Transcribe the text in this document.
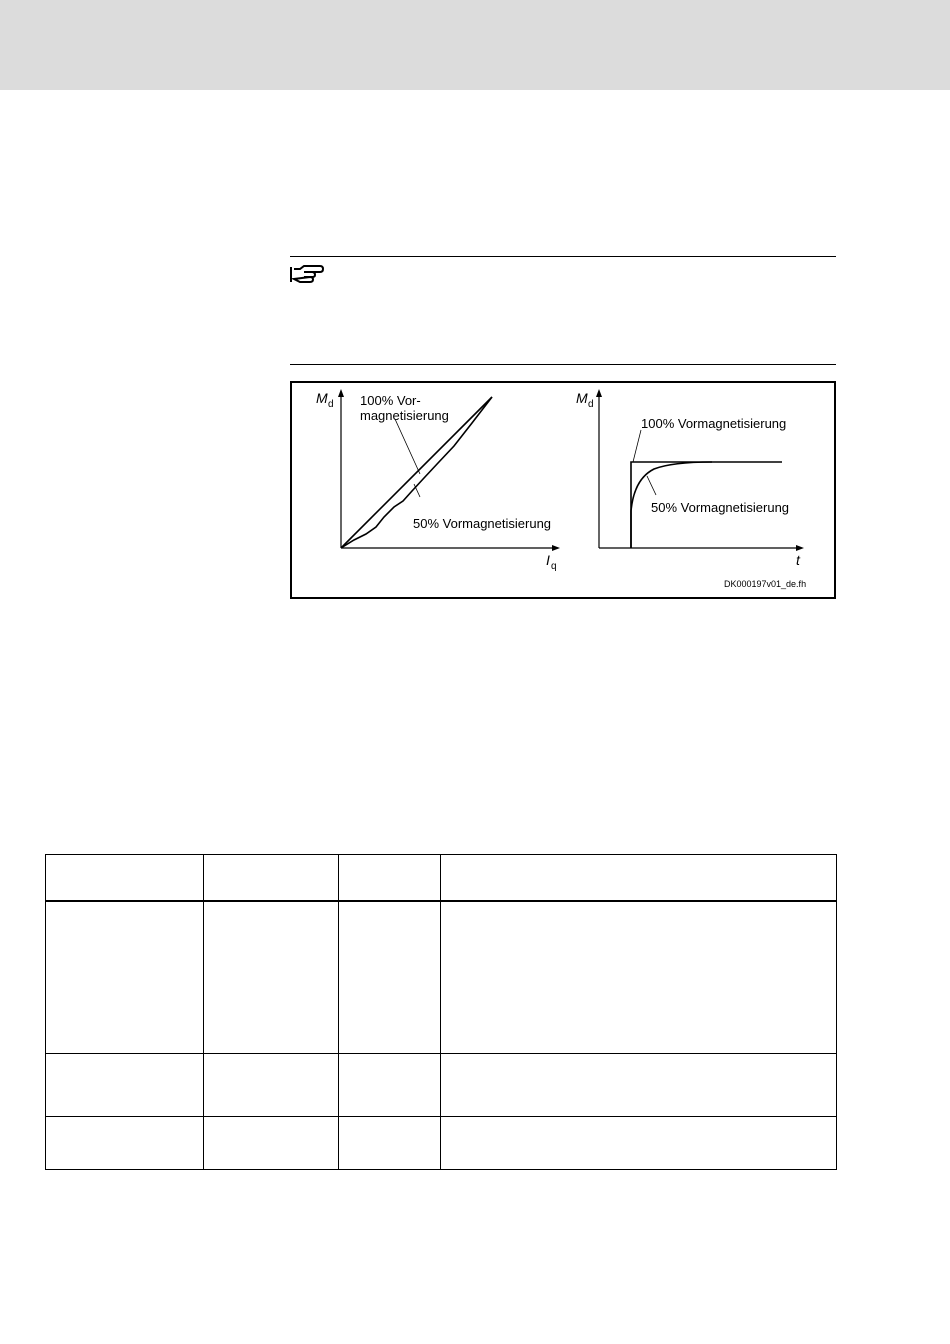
M d
I q
100% Vor-
magnetisierung
50% Vormagnetisierung
M d
t
100% Vormagnetisierung
50% Vormagnetisierung
DK000197v01_de.fh
